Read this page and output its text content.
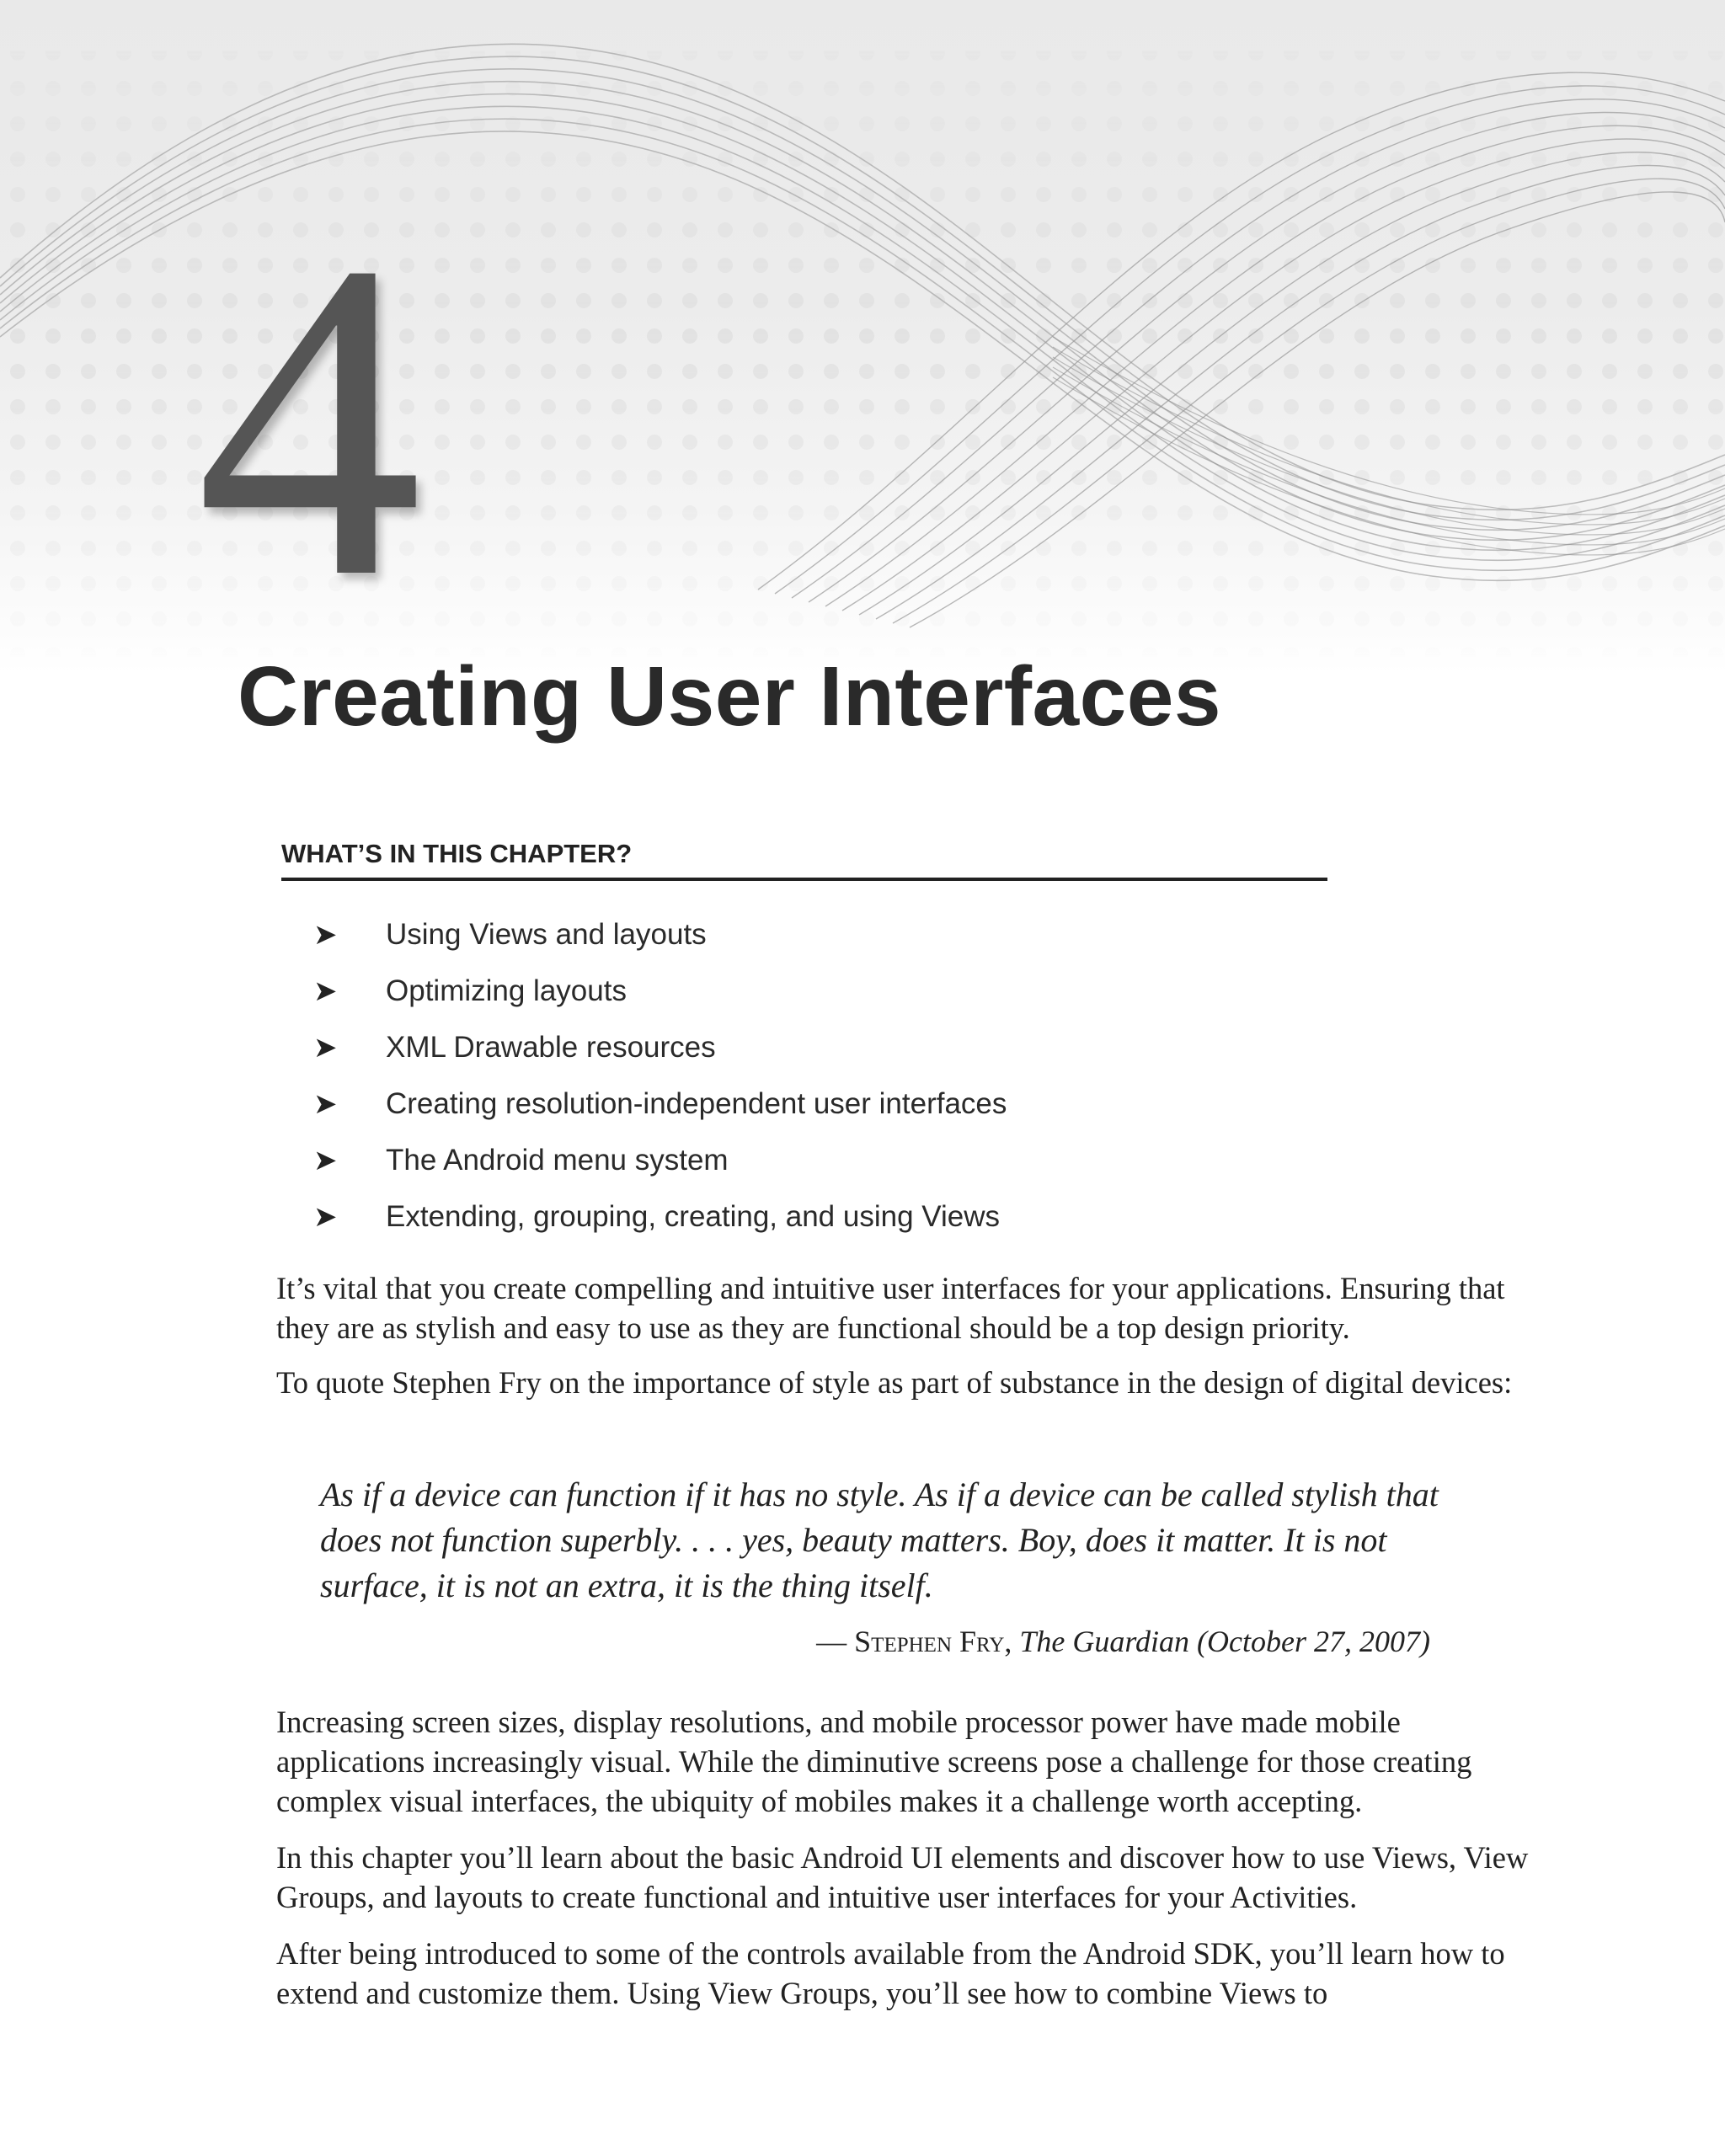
4
Creating User Interfaces
WHAT’S IN THIS CHAPTER?
➤	Using Views and layouts
➤	Optimizing layouts
➤	XML Drawable resources
➤	Creating resolution-independent user interfaces
➤	The Android menu system
➤	Extending, grouping, creating, and using Views

It’s vital that you create compelling and intuitive user interfaces for your applications. Ensuring that they are as stylish and easy to use as they are functional should be a top design priority.

To quote Stephen Fry on the importance of style as part of substance in the design of digital devices:

As if a device can function if it has no style. As if a device can be called stylish that does not function superbly. . . . yes, beauty matters. Boy, does it matter. It is not surface, it is not an extra, it is the thing itself.

— Stephen Fry, The Guardian (October 27, 2007)

Increasing screen sizes, display resolutions, and mobile processor power have made mobile applications increasingly visual. While the diminutive screens pose a challenge for those creating complex visual interfaces, the ubiquity of mobiles makes it a challenge worth accepting.

In this chapter you’ll learn about the basic Android UI elements and discover how to use Views, View Groups, and layouts to create functional and intuitive user interfaces for your Activities.

After being introduced to some of the controls available from the Android SDK, you’ll learn how to extend and customize them. Using View Groups, you’ll see how to combine Views to
